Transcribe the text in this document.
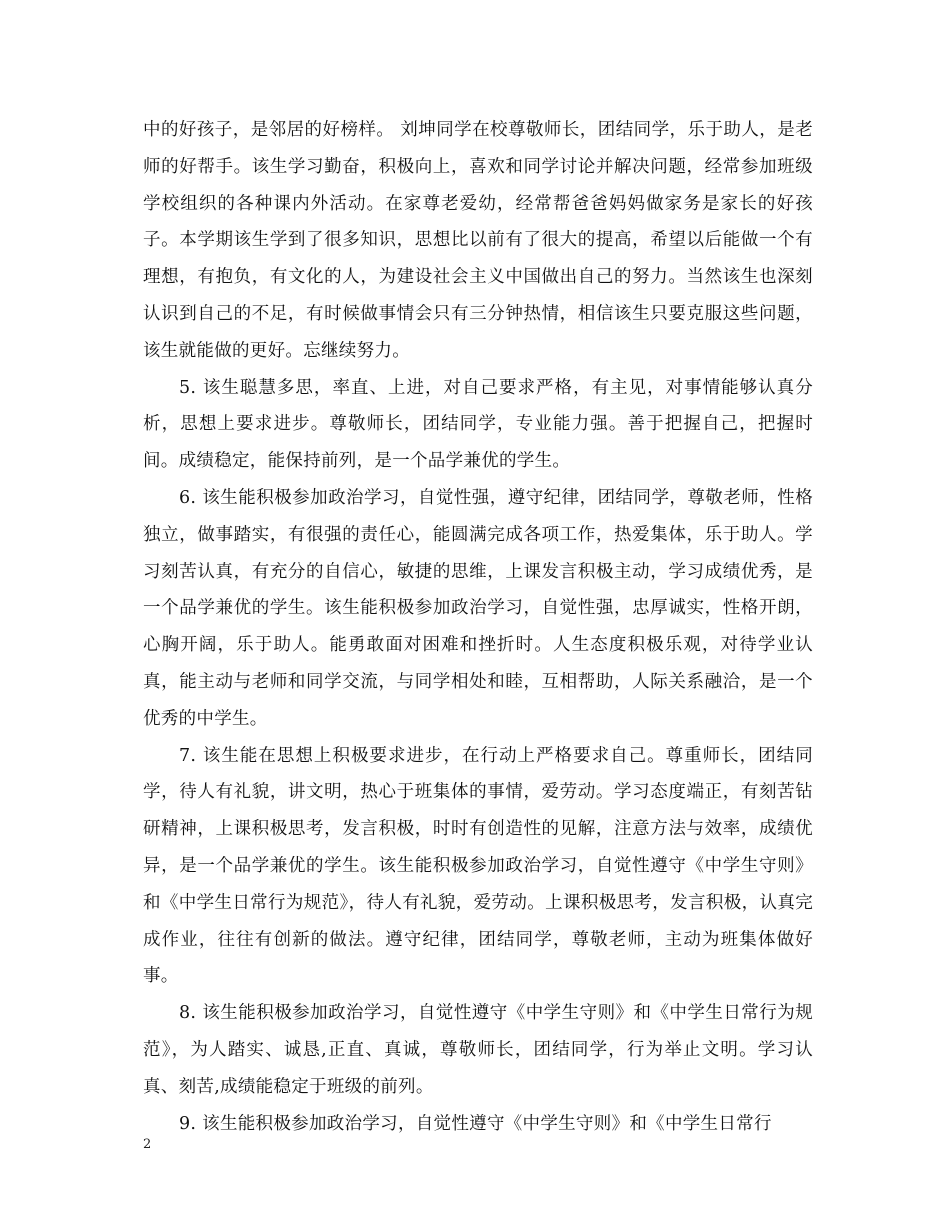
中的好孩子，是邻居的好榜样。 刘坤同学在校尊敬师长，团结同学，乐于助人，是老师的好帮手。该生学习勤奋，积极向上，喜欢和同学讨论并解决问题，经常参加班级学校组织的各种课内外活动。在家尊老爱幼，经常帮爸爸妈妈做家务是家长的好孩子。本学期该生学到了很多知识，思想比以前有了很大的提高，希望以后能做一个有理想，有抱负，有文化的人，为建设社会主义中国做出自己的努力。当然该生也深刻认识到自己的不足，有时候做事情会只有三分钟热情，相信该生只要克服这些问题，该生就能做的更好。忘继续努力。

5. 该生聪慧多思，率直、上进，对自己要求严格，有主见，对事情能够认真分析，思想上要求进步。尊敬师长，团结同学，专业能力强。善于把握自己，把握时间。成绩稳定，能保持前列，是一个品学兼优的学生。

6. 该生能积极参加政治学习，自觉性强，遵守纪律，团结同学，尊敬老师，性格独立，做事踏实，有很强的责任心，能圆满完成各项工作，热爱集体，乐于助人。学习刻苦认真，有充分的自信心，敏捷的思维，上课发言积极主动，学习成绩优秀，是一个品学兼优的学生。该生能积极参加政治学习，自觉性强，忠厚诚实，性格开朗，心胸开阔，乐于助人。能勇敢面对困难和挫折时。人生态度积极乐观，对待学业认真，能主动与老师和同学交流，与同学相处和睦，互相帮助，人际关系融洽，是一个优秀的中学生。

7. 该生能在思想上积极要求进步，在行动上严格要求自己。尊重师长，团结同学，待人有礼貌，讲文明，热心于班集体的事情，爱劳动。学习态度端正，有刻苦钻研精神，上课积极思考，发言积极，时时有创造性的见解，注意方法与效率，成绩优异，是一个品学兼优的学生。该生能积极参加政治学习，自觉性遵守《中学生守则》和《中学生日常行为规范》，待人有礼貌，爱劳动。上课积极思考，发言积极，认真完成作业，往往有创新的做法。遵守纪律，团结同学，尊敬老师，主动为班集体做好事。

8. 该生能积极参加政治学习，自觉性遵守《中学生守则》和《中学生日常行为规范》，为人踏实、诚恳,正直、真诚，尊敬师长，团结同学，行为举止文明。学习认真、刻苦,成绩能稳定于班级的前列。

9. 该生能积极参加政治学习，自觉性遵守《中学生守则》和《中学生日常行

2
